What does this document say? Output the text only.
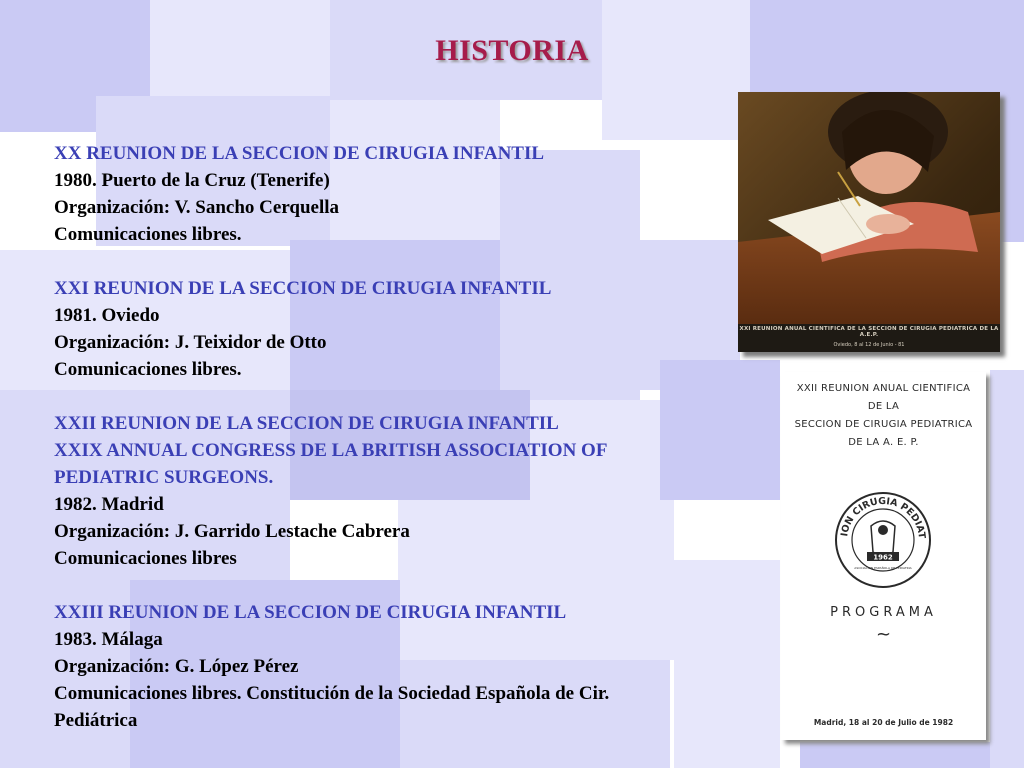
HISTORIA
XX REUNION DE LA SECCION DE CIRUGIA INFANTIL
1980. Puerto de la Cruz (Tenerife)
Organización: V. Sancho Cerquella
Comunicaciones libres.
XXI REUNION DE LA SECCION DE CIRUGIA INFANTIL
1981. Oviedo
Organización: J. Teixidor de Otto
Comunicaciones libres.
XXII REUNION DE LA SECCION DE CIRUGIA INFANTIL
XXIX ANNUAL CONGRESS DE LA BRITISH ASSOCIATION OF
PEDIATRIC SURGEONS.
1982. Madrid
Organización: J. Garrido Lestache Cabrera
Comunicaciones libres
XXIII REUNION DE LA SECCION DE CIRUGIA INFANTIL
1983. Málaga
Organización: G. López Pérez
Comunicaciones libres. Constitución de la Sociedad Española de Cir.
Pediátrica
XXI REUNION ANUAL CIENTIFICA DE LA SECCION DE CIRUGIA PEDIATRICA DE LA A.E.P.
Oviedo, 8 al 12 de Junio - 81
XXII REUNION ANUAL CIENTIFICA
DE LA
SECCION DE CIRUGIA PEDIATRICA
DE LA A. E. P.
ION CIRUGIA PEDIAT
1962
ASOCIACION ESPAÑOLA DE PEDIATRIA
PROGRAMA
~
Madrid, 18 al 20 de Julio de 1982
